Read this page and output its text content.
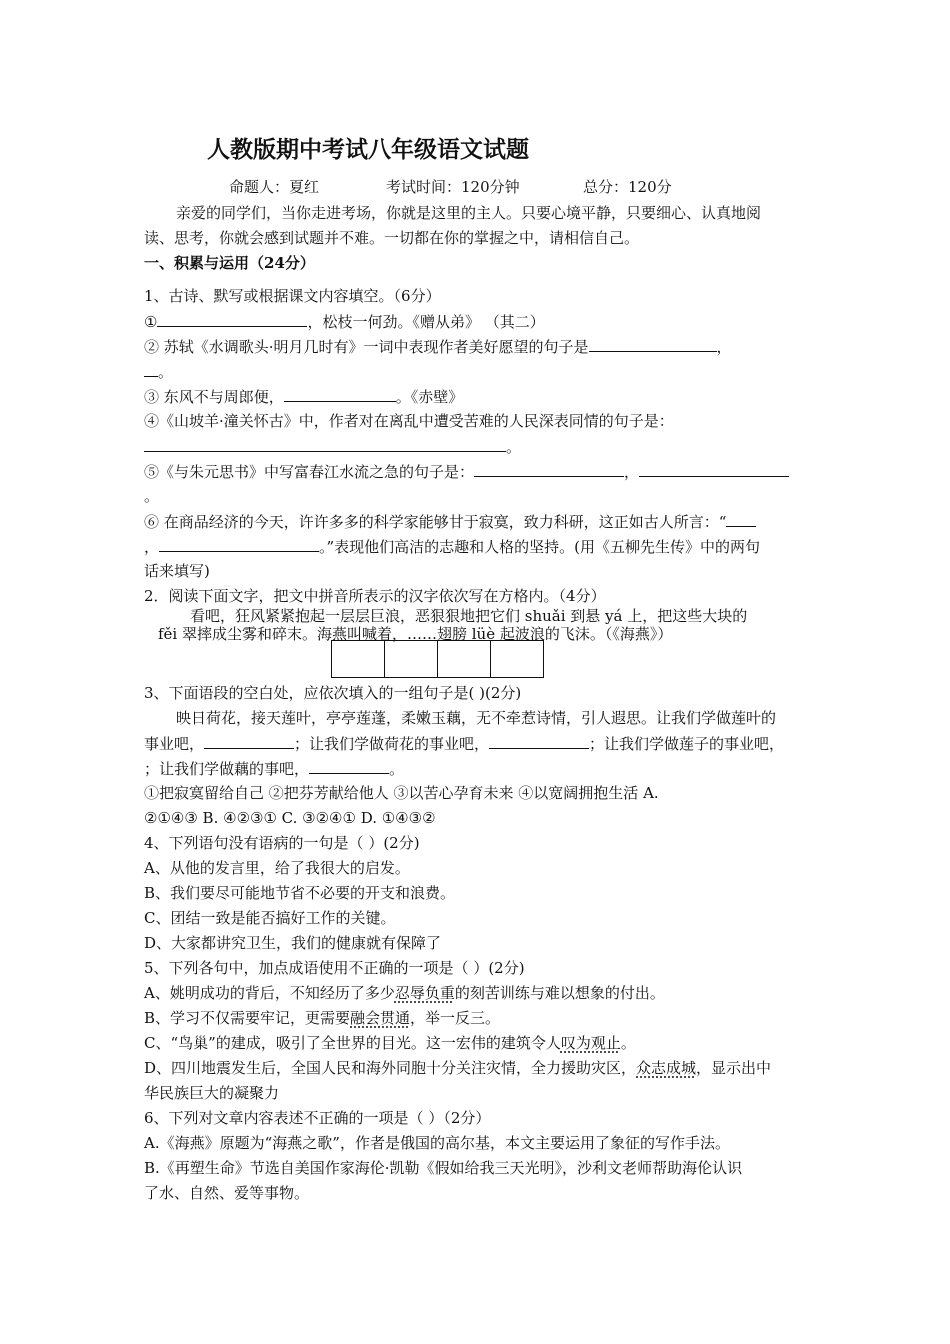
人教版期中考试八年级语文试题
命题人：夏红	考试时间：120分钟	总分：120分
亲爱的同学们，当你走进考场，你就是这里的主人。只要心境平静，只要细心、认真地阅
读、思考，你就会感到试题并不难。一切都在你的掌握之中，请相信自己。
一、积累与运用（24分）
1、古诗、默写或根据课文内容填空。（6分）
①	，松枝一何劲。《赠从弟》 （其二）
② 苏轼《水调歌头·明月几时有》一词中表现作者美好愿望的句子是	，
。
③ 东风不与周郎便，	。《赤壁》
④《山坡羊·潼关怀古》中，作者对在离乱中遭受苦难的人民深表同情的句子是：
。
⑤《与朱元思书》中写富春江水流之急的句子是：	，
。
⑥ 在商品经济的今天，许许多多的科学家能够甘于寂寞，致力科研，这正如古人所言：“
，	。”表现他们高洁的志趣和人格的坚持。(用《五柳先生传》中的两句
话来填写)
2．阅读下面文字，把文中拼音所表示的汉字依次写在方格内。（4分）
看吧，狂风紧紧抱起一层层巨浪，恶狠狠地把它们 shuǎi 到悬 yá 上，把这些大块的
fěi 翠摔成尘雾和碎末。海燕叫喊着，……翅膀 lüè 起波浪的飞沫。（《海燕》）
3、下面语段的空白处，应依次填入的一组句子是( )(2分)
映日荷花，接天莲叶，亭亭莲蓬，柔嫩玉藕，无不牵惹诗情，引人遐思。让我们学做莲叶的
事业吧，	；让我们学做荷花的事业吧，	；让我们学做莲子的事业吧，
；让我们学做藕的事吧，	。
①把寂寞留给自己 ②把芬芳献给他人 ③以苦心孕育未来 ④以宽阔拥抱生活 A.
②①④③ B. ④②③① C. ③②④① D. ①④③②
4、下列语句没有语病的一句是（ ）(2分)
A、从他的发言里，给了我很大的启发。
B、我们要尽可能地节省不必要的开支和浪费。
C、团结一致是能否搞好工作的关键。
D、大家都讲究卫生，我们的健康就有保障了
5、下列各句中，加点成语使用不正确的一项是（ ）(2分)
A、姚明成功的背后，不知经历了多少忍辱负重的刻苦训练与难以想象的付出。
B、学习不仅需要牢记，更需要融会贯通，举一反三。
C、“鸟巢”的建成，吸引了全世界的目光。这一宏伟的建筑令人叹为观止。
D、四川地震发生后，全国人民和海外同胞十分关注灾情，全力援助灾区，众志成城，显示出中
华民族巨大的凝聚力
6、下列对文章内容表述不正确的一项是（ ）（2分）
A.《海燕》原题为“海燕之歌”，作者是俄国的高尔基，本文主要运用了象征的写作手法。
B.《再塑生命》节选自美国作家海伦·凯勒《假如给我三天光明》，沙利文老师帮助海伦认识
了水、自然、爱等事物。
